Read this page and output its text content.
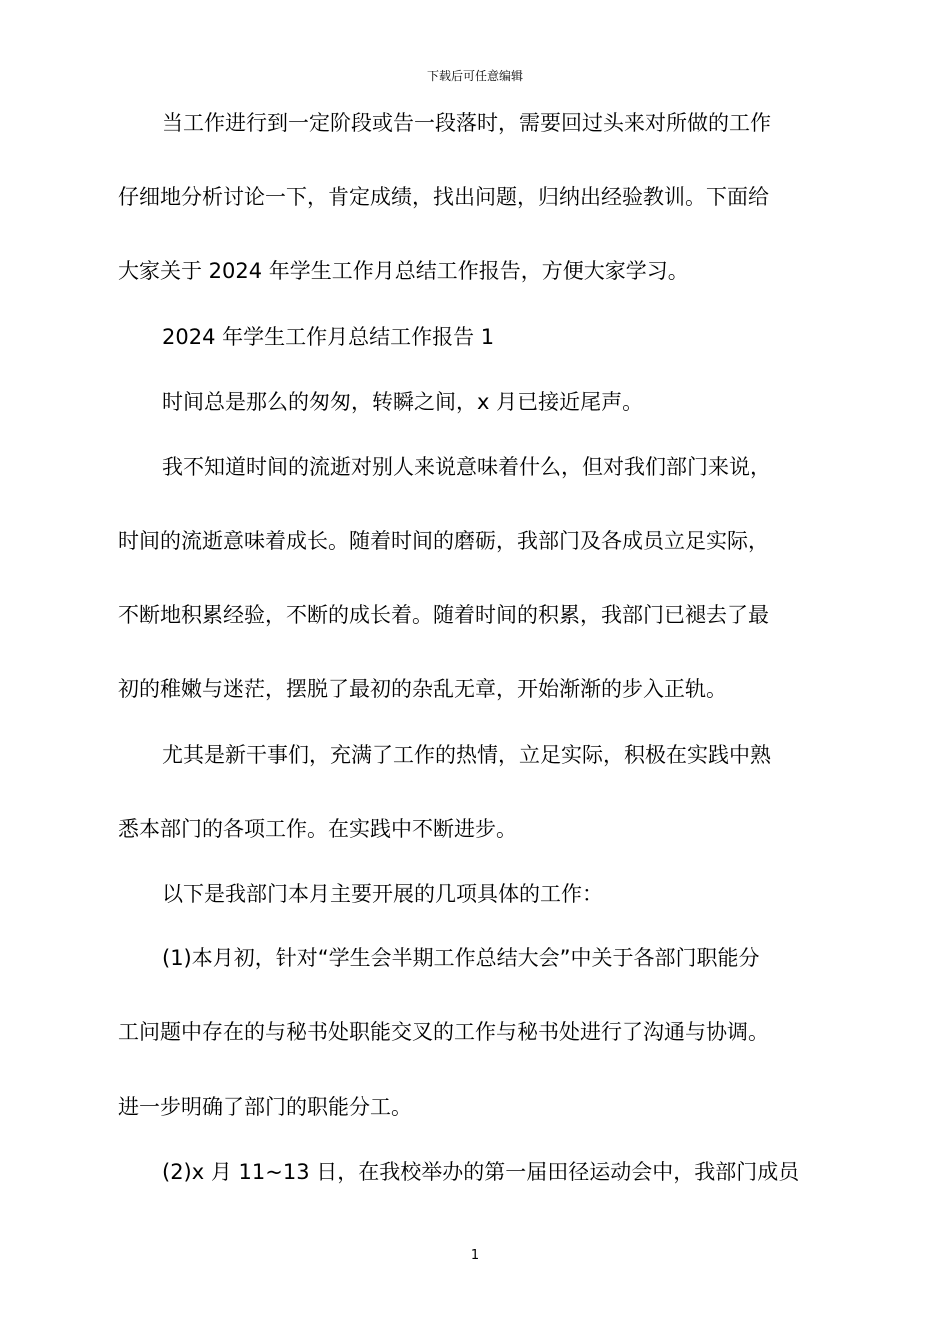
下载后可任意编辑
当工作进行到一定阶段或告一段落时，需要回过头来对所做的工作
仔细地分析讨论一下，肯定成绩，找出问题，归纳出经验教训。下面给
大家关于 2024 年学生工作月总结工作报告，方便大家学习。
2024 年学生工作月总结工作报告 1
时间总是那么的匆匆，转瞬之间，x 月已接近尾声。
我不知道时间的流逝对别人来说意味着什么，但对我们部门来说，
时间的流逝意味着成长。随着时间的磨砺，我部门及各成员立足实际，
不断地积累经验，不断的成长着。随着时间的积累，我部门已褪去了最
初的稚嫩与迷茫，摆脱了最初的杂乱无章，开始渐渐的步入正轨。
尤其是新干事们，充满了工作的热情，立足实际，积极在实践中熟
悉本部门的各项工作。在实践中不断进步。
以下是我部门本月主要开展的几项具体的工作：
(1)本月初，针对“学生会半期工作总结大会”中关于各部门职能分
工问题中存在的与秘书处职能交叉的工作与秘书处进行了沟通与协调。
进一步明确了部门的职能分工。
(2)x 月 11~13 日，在我校举办的第一届田径运动会中，我部门成员
1
